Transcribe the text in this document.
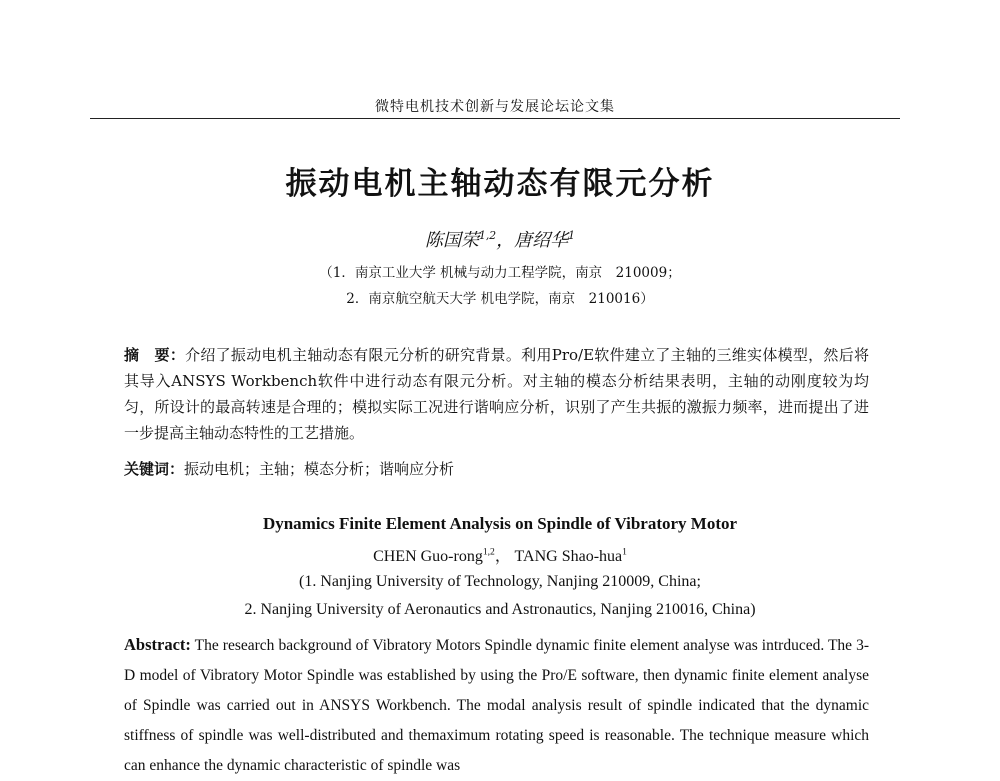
微特电机技术创新与发展论坛论文集
振动电机主轴动态有限元分析
陈国荣$^{1,2}$，唐绍华$^1$
（1．南京工业大学 机械与动力工程学院，南京　210009；
2．南京航空航天大学 机电学院，南京　210016）
摘　要：介绍了振动电机主轴动态有限元分析的研究背景。利用Pro/E软件建立了主轴的三维实体模型，然后将其导入ANSYS Workbench软件中进行动态有限元分析。对主轴的模态分析结果表明，主轴的动刚度较为均匀，所设计的最高转速是合理的；模拟实际工况进行谐响应分析，识别了产生共振的激振力频率，进而提出了进一步提高主轴动态特性的工艺措施。
关键词：振动电机；主轴；模态分析；谐响应分析
Dynamics Finite Element Analysis on Spindle of Vibratory Motor
CHEN Guo-rong$^{1,2}$， TANG Shao-hua$^1$
(1. Nanjing University of Technology, Nanjing 210009, China;
2. Nanjing University of Aeronautics and Astronautics, Nanjing 210016, China)
Abstract: The research background of Vibratory Motors Spindle dynamic finite element analyse was intrduced. The 3-D model of Vibratory Motor Spindle was established by using the Pro/E software, then dynamic finite element analyse of Spindle was carried out in ANSYS Workbench. The modal analysis result of spindle indicated that the dynamic stiffness of spindle was well-distributed and themaximum rotating speed is reasonable. The technique measure which can enhance the dynamic characteristic of spindle was
